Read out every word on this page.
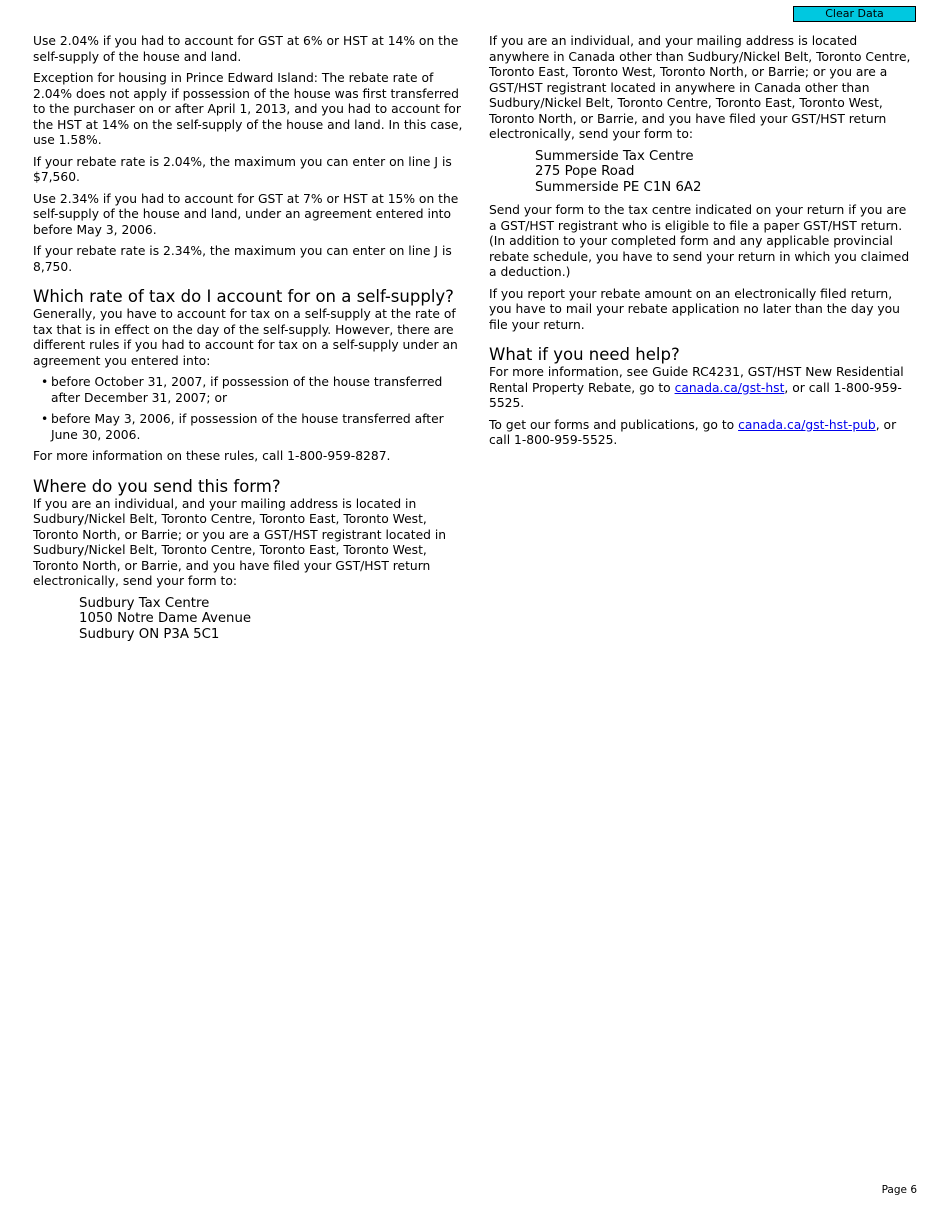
Clear Data

Use 2.04% if you had to account for GST at 6% or HST at 14% on the self-supply of the house and land.

Exception for housing in Prince Edward Island: The rebate rate of 2.04% does not apply if possession of the house was first transferred to the purchaser on or after April 1, 2013, and you had to account for the HST at 14% on the self-supply of the house and land. In this case, use 1.58%.

If your rebate rate is 2.04%, the maximum you can enter on line J is $7,560.

Use 2.34% if you had to account for GST at 7% or HST at 15% on the self-supply of the house and land, under an agreement entered into before May 3, 2006.

If your rebate rate is 2.34%, the maximum you can enter on line J is 8,750.

Which rate of tax do I account for on a self-supply?

Generally, you have to account for tax on a self-supply at the rate of tax that is in effect on the day of the self-supply. However, there are different rules if you had to account for tax on a self-supply under an agreement you entered into:

• before October 31, 2007, if possession of the house transferred after December 31, 2007; or
• before May 3, 2006, if possession of the house transferred after June 30, 2006.

For more information on these rules, call 1-800-959-8287.

Where do you send this form?

If you are an individual, and your mailing address is located in Sudbury/Nickel Belt, Toronto Centre, Toronto East, Toronto West, Toronto North, or Barrie; or you are a GST/HST registrant located in Sudbury/Nickel Belt, Toronto Centre, Toronto East, Toronto West, Toronto North, or Barrie, and you have filed your GST/HST return electronically, send your form to:

Sudbury Tax Centre
1050 Notre Dame Avenue
Sudbury ON P3A 5C1

If you are an individual, and your mailing address is located anywhere in Canada other than Sudbury/Nickel Belt, Toronto Centre, Toronto East, Toronto West, Toronto North, or Barrie; or you are a GST/HST registrant located in anywhere in Canada other than Sudbury/Nickel Belt, Toronto Centre, Toronto East, Toronto West, Toronto North, or Barrie, and you have filed your GST/HST return electronically, send your form to:

Summerside Tax Centre
275 Pope Road
Summerside PE C1N 6A2

Send your form to the tax centre indicated on your return if you are a GST/HST registrant who is eligible to file a paper GST/HST return. (In addition to your completed form and any applicable provincial rebate schedule, you have to send your return in which you claimed a deduction.)

If you report your rebate amount on an electronically filed return, you have to mail your rebate application no later than the day you file your return.

What if you need help?

For more information, see Guide RC4231, GST/HST New Residential Rental Property Rebate, go to canada.ca/gst-hst, or call 1-800-959-5525.

To get our forms and publications, go to canada.ca/gst-hst-pub, or call 1-800-959-5525.

Page 6
